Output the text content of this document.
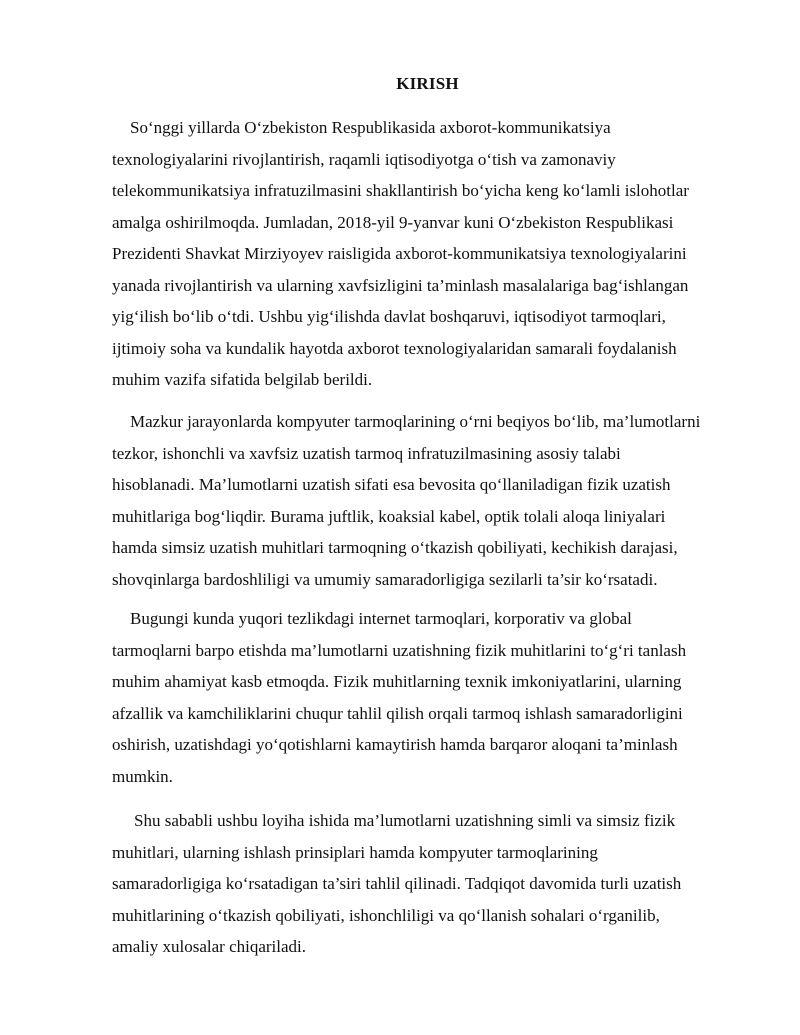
KIRISH

So‘nggi yillarda O‘zbekiston Respublikasida axborot-kommunikatsiya
texnologiyalarini rivojlantirish, raqamli iqtisodiyotga o‘tish va zamonaviy
telekommunikatsiya infratuzilmasini shakllantirish bo‘yicha keng ko‘lamli islohotlar
amalga oshirilmoqda. Jumladan, 2018-yil 9-yanvar kuni O‘zbekiston Respublikasi
Prezidenti Shavkat Mirziyoyev raisligida axborot-kommunikatsiya texnologiyalarini
yanada rivojlantirish va ularning xavfsizligini ta’minlash masalalariga bag‘ishlangan
yig‘ilish bo‘lib o‘tdi. Ushbu yig‘ilishda davlat boshqaruvi, iqtisodiyot tarmoqlari,
ijtimoiy soha va kundalik hayotda axborot texnologiyalaridan samarali foydalanish
muhim vazifa sifatida belgilab berildi.

Mazkur jarayonlarda kompyuter tarmoqlarining o‘rni beqiyos bo‘lib, ma’lumotlarni
tezkor, ishonchli va xavfsiz uzatish tarmoq infratuzilmasining asosiy talabi
hisoblanadi. Ma’lumotlarni uzatish sifati esa bevosita qo‘llaniladigan fizik uzatish
muhitlariga bog‘liqdir. Burama juftlik, koaksial kabel, optik tolali aloqa liniyalari
hamda simsiz uzatish muhitlari tarmoqning o‘tkazish qobiliyati, kechikish darajasi,
shovqinlarga bardoshliligi va umumiy samaradorligiga sezilarli ta’sir ko‘rsatadi.

Bugungi kunda yuqori tezlikdagi internet tarmoqlari, korporativ va global
tarmoqlarni barpo etishda ma’lumotlarni uzatishning fizik muhitlarini to‘g‘ri tanlash
muhim ahamiyat kasb etmoqda. Fizik muhitlarning texnik imkoniyatlarini, ularning
afzallik va kamchiliklarini chuqur tahlil qilish orqali tarmoq ishlash samaradorligini
oshirish, uzatishdagi yo‘qotishlarni kamaytirish hamda barqaror aloqani ta’minlash
mumkin.

Shu sababli ushbu loyiha ishida ma’lumotlarni uzatishning simli va simsiz fizik
muhitlari, ularning ishlash prinsiplari hamda kompyuter tarmoqlarining
samaradorligiga ko‘rsatadigan ta’siri tahlil qilinadi. Tadqiqot davomida turli uzatish
muhitlarining o‘tkazish qobiliyati, ishonchliligi va qo‘llanish sohalari o‘rganilib,
amaliy xulosalar chiqariladi.
